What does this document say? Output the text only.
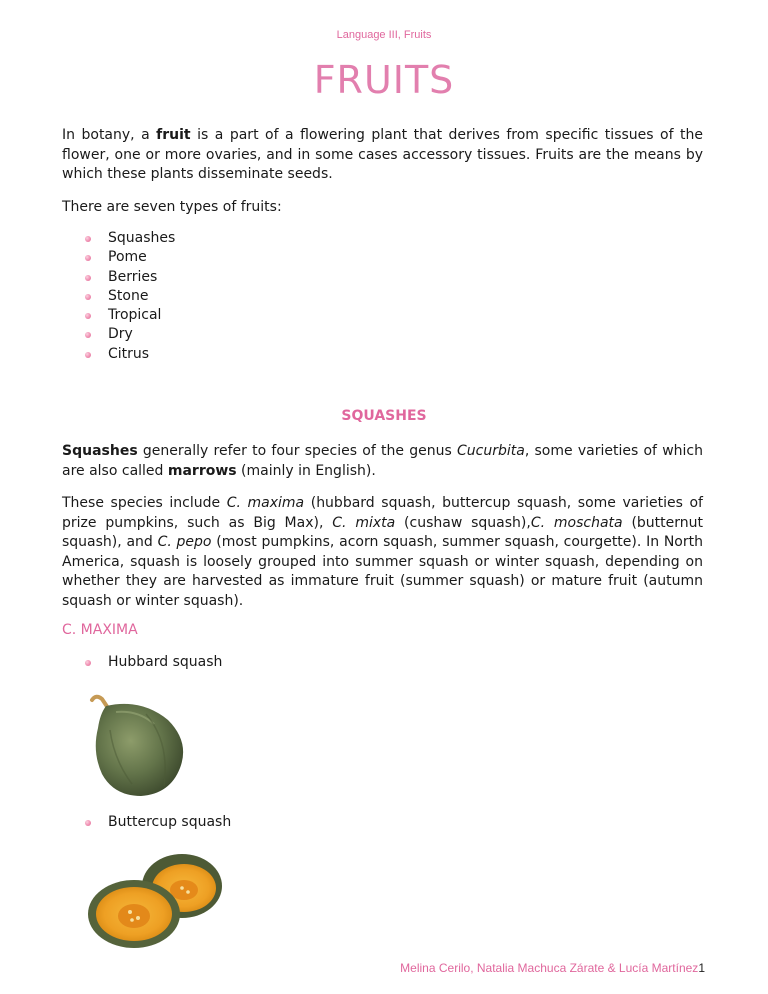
Language III, Fruits
FRUITS
In botany, a fruit is a part of a flowering plant that derives from specific tissues of the flower, one or more ovaries, and in some cases accessory tissues. Fruits are the means by which these plants disseminate seeds.
There are seven types of fruits:
Squashes
Pome
Berries
Stone
Tropical
Dry
Citrus
SQUASHES
Squashes generally refer to four species of the genus Cucurbita, some varieties of which are also called marrows (mainly in English).
These species include C. maxima (hubbard squash, buttercup squash, some varieties of prize pumpkins, such as Big Max), C. mixta (cushaw squash),C. moschata (butternut squash), and C. pepo (most pumpkins, acorn squash, summer squash, courgette). In North America, squash is loosely grouped into summer squash or winter squash, depending on whether they are harvested as immature fruit (summer squash) or mature fruit (autumn squash or winter squash).
C. MAXIMA
Hubbard squash
Buttercup squash
Melina Cerilo, Natalia Machuca Zárate & Lucía Martínez1
